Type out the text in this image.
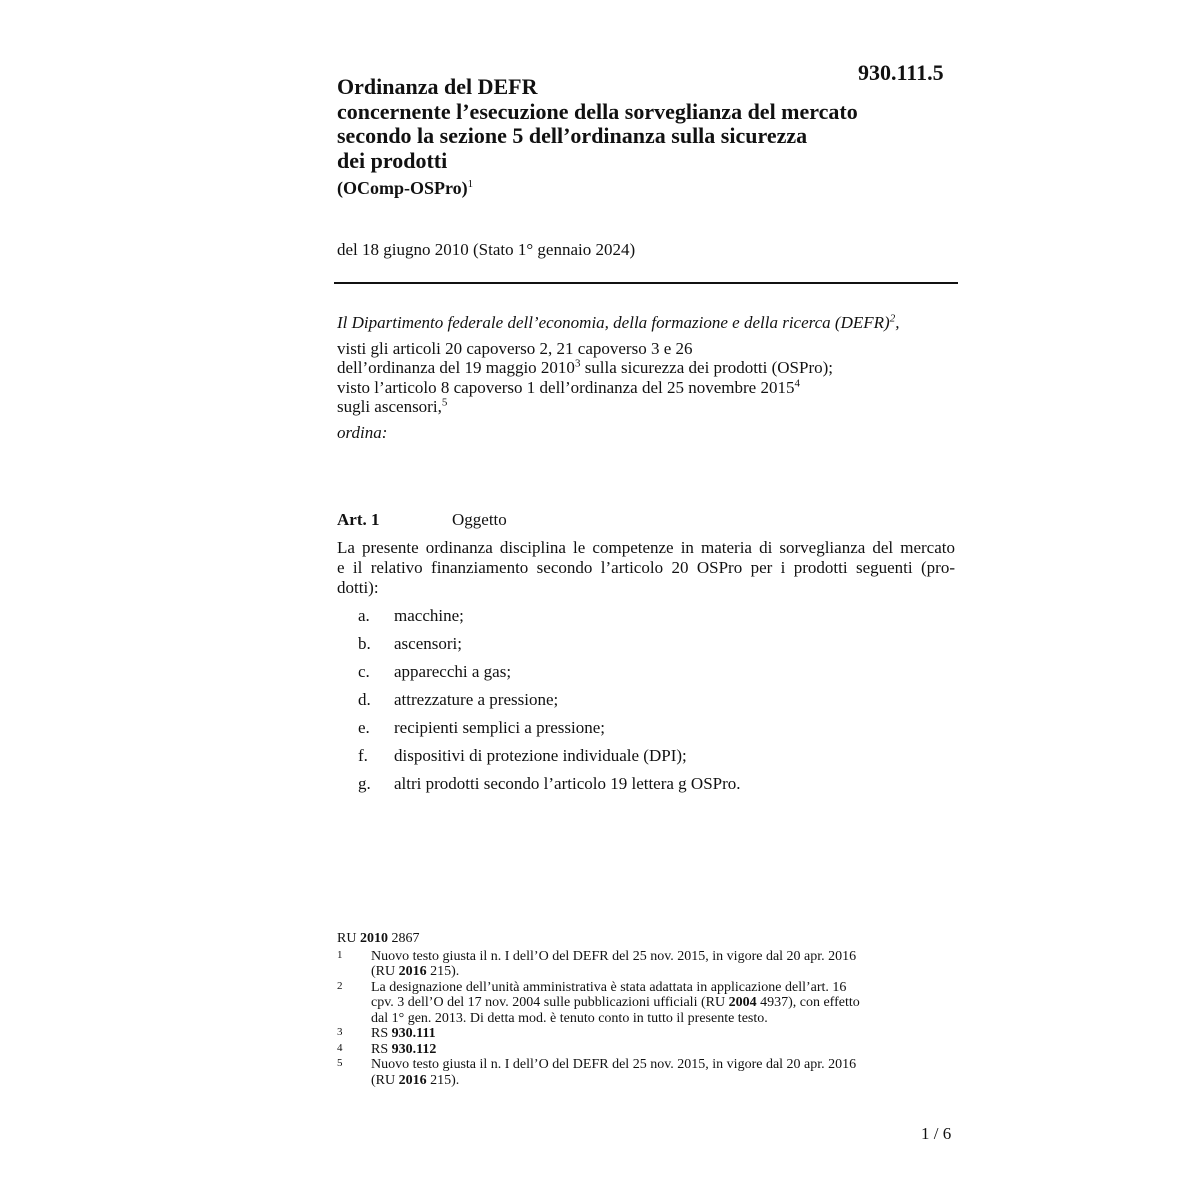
930.111.5
Ordinanza del DEFR
concernente l’esecuzione della sorveglianza del mercato
secondo la sezione 5 dell’ordinanza sulla sicurezza
dei prodotti
(OComp-OSPro)$^1$
del 18 giugno 2010 (Stato 1° gennaio 2024)
Il Dipartimento federale dell’economia, della formazione e della ricerca (DEFR)$^2$,
visti gli articoli 20 capoverso 2, 21 capoverso 3 e 26
dell’ordinanza del 19 maggio 2010$^3$ sulla sicurezza dei prodotti (OSPro);
visto l’articolo 8 capoverso 1 dell’ordinanza del 25 novembre 2015$^4$
sugli ascensori,$^5$
ordina:
Art. 1	Oggetto
La presente ordinanza disciplina le competenze in materia di sorveglianza del mercato
e il relativo finanziamento secondo l’articolo 20 OSPro per i prodotti seguenti (pro-
dotti):
a. macchine;
b. ascensori;
c. apparecchi a gas;
d. attrezzature a pressione;
e. recipienti semplici a pressione;
f. dispositivi di protezione individuale (DPI);
g. altri prodotti secondo l’articolo 19 lettera g OSPro.
RU 2010 2867
1	Nuovo testo giusta il n. I dell’O del DEFR del 25 nov. 2015, in vigore dal 20 apr. 2016
(RU 2016 215).
2	La designazione dell’unità amministrativa è stata adattata in applicazione dell’art. 16
cpv. 3 dell’O del 17 nov. 2004 sulle pubblicazioni ufficiali (RU 2004 4937), con effetto
dal 1° gen. 2013. Di detta mod. è tenuto conto in tutto il presente testo.
3	RS 930.111
4	RS 930.112
5	Nuovo testo giusta il n. I dell’O del DEFR del 25 nov. 2015, in vigore dal 20 apr. 2016
(RU 2016 215).
1 / 6
